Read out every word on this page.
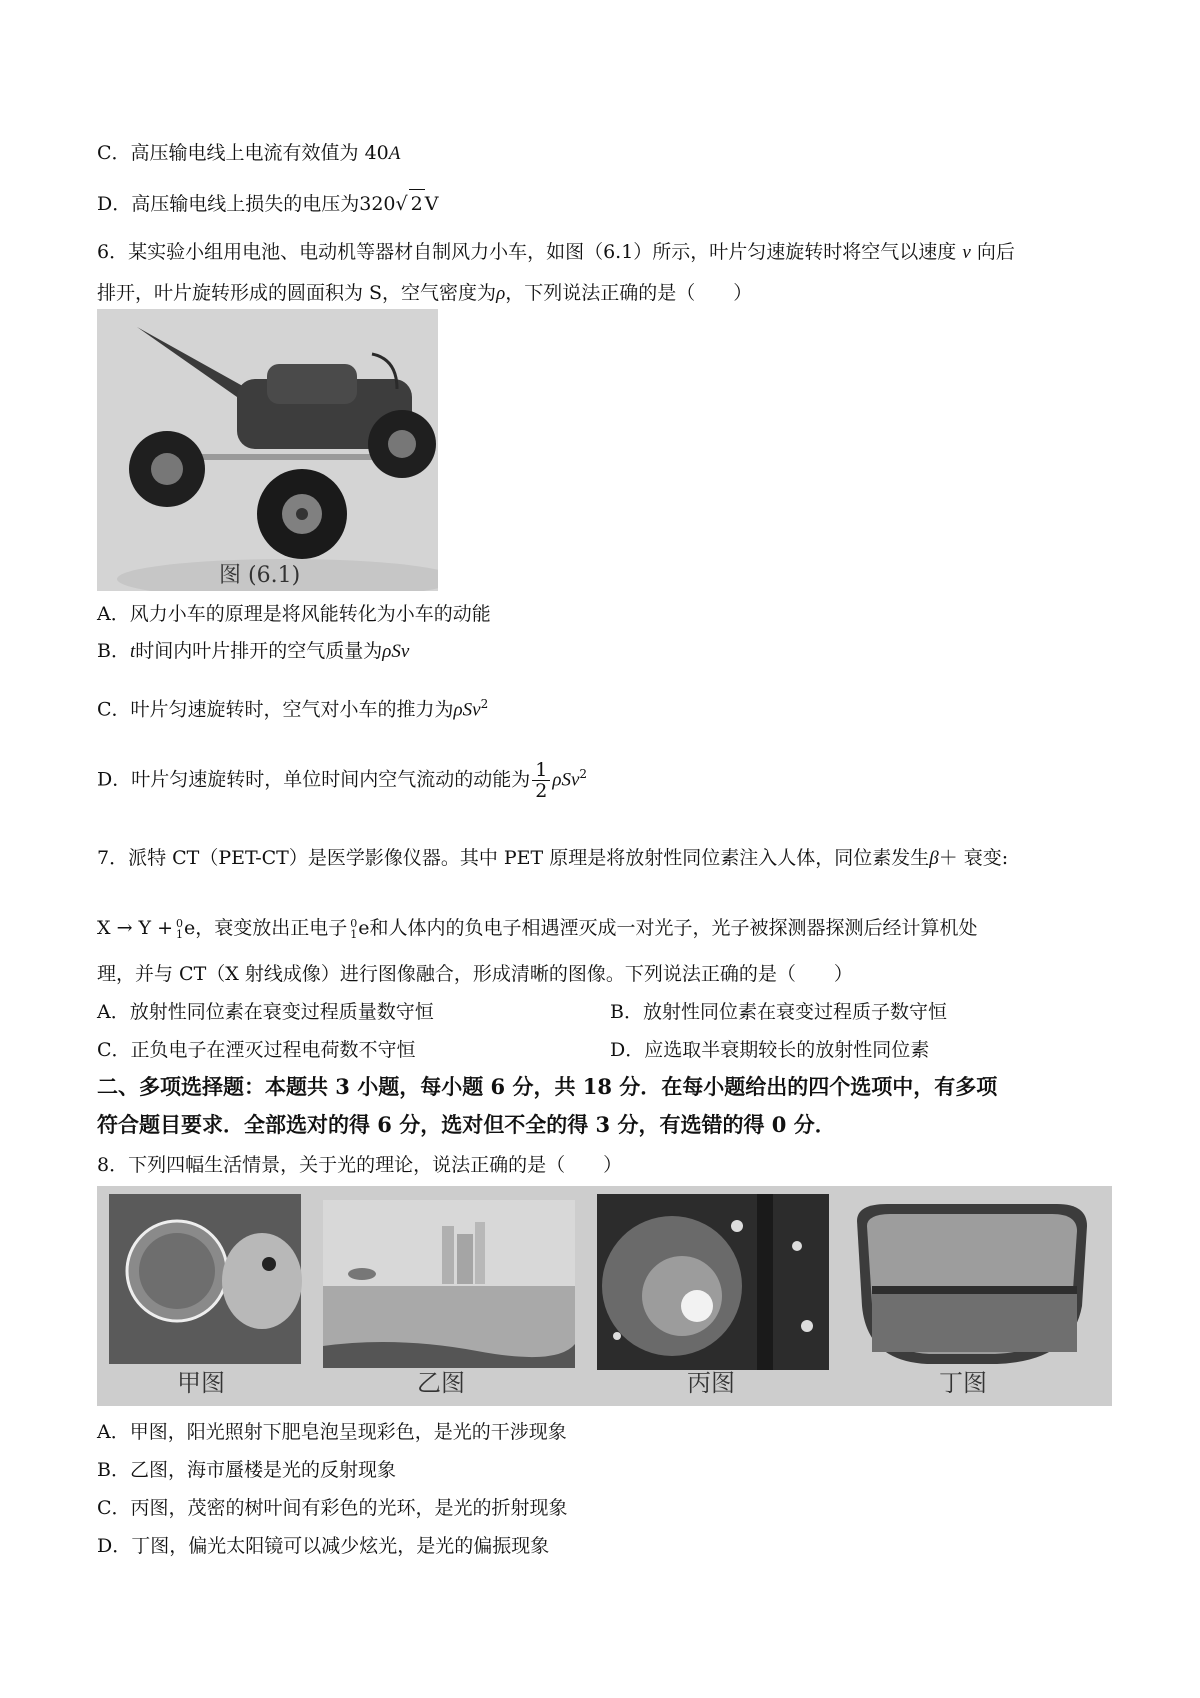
C．高压输电线上电流有效值为 40A
D．高压输电线上损失的电压为320√ 2 V
6．某实验小组用电池、电动机等器材自制风力小车，如图（6.1）所示，叶片匀速旋转时将空气以速度 v 向后
排开，叶片旋转形成的圆面积为 S，空气密度为ρ，下列说法正确的是（　　）
图 (6.1)
A．风力小车的原理是将风能转化为小车的动能
B．t时间内叶片排开的空气质量为ρSv
C．叶片匀速旋转时，空气对小车的推力为ρSv$^2$
D．叶片匀速旋转时，单位时间内空气流动的动能为 $\frac{1}{2} \rho Sv^2$
7．派特 CT（PET-CT）是医学影像仪器。其中 PET 原理是将放射性同位素注入人体，同位素发生β＋ 衰变:
X → Y + 0
1 e，衰变放出正电子 0
1 e和人体内的负电子相遇湮灭成一对光子，光子被探测器探测后经计算机处
理，并与 CT（X 射线成像）进行图像融合，形成清晰的图像。下列说法正确的是（　　）
A．放射性同位素在衰变过程质量数守恒	B．放射性同位素在衰变过程质子数守恒
C．正负电子在湮灭过程电荷数不守恒	D．应选取半衰期较长的放射性同位素
二、多项选择题：本题共 3 小题，每小题 6 分，共 18 分．在每小题给出的四个选项中，有多项
符合题目要求．全部选对的得 6 分，选对但不全的得 3 分，有选错的得 0 分．
8．下列四幅生活情景，关于光的理论，说法正确的是（　　）
甲图	乙图	丙图	丁图
A．甲图，阳光照射下肥皂泡呈现彩色，是光的干涉现象
B．乙图，海市蜃楼是光的反射现象
C．丙图，茂密的树叶间有彩色的光环，是光的折射现象
D．丁图，偏光太阳镜可以减少炫光，是光的偏振现象
